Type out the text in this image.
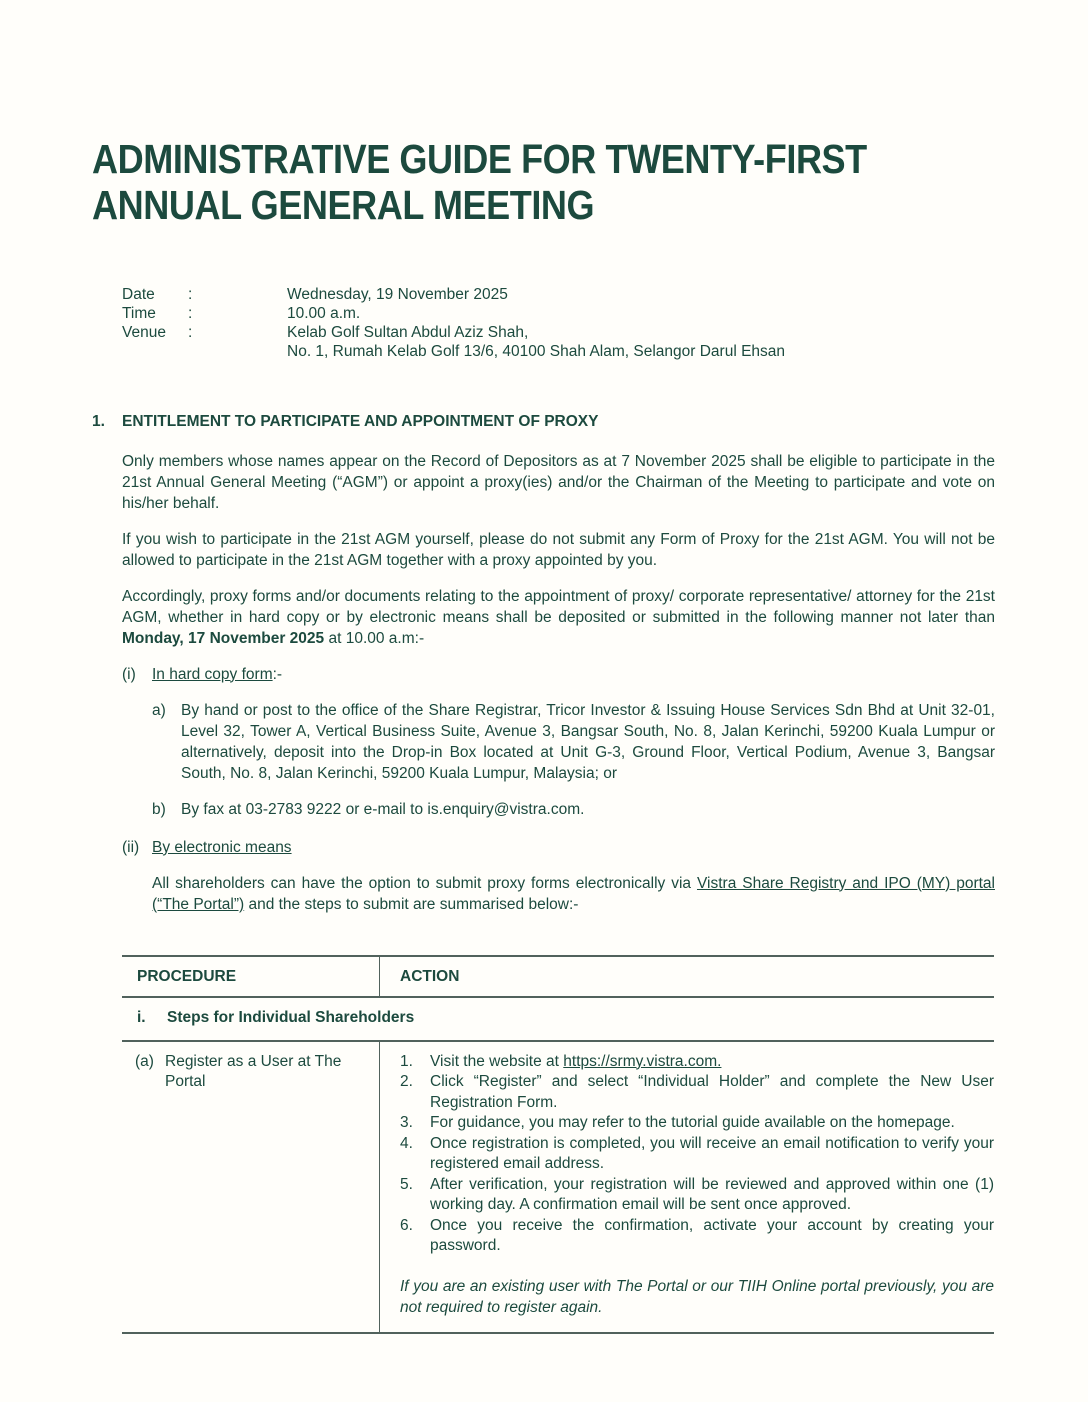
ADMINISTRATIVE GUIDE FOR TWENTY-FIRST
ANNUAL GENERAL MEETING
Date	:	Wednesday, 19 November 2025
Time	:	10.00 a.m.
Venue	:	Kelab Golf Sultan Abdul Aziz Shah,
No. 1, Rumah Kelab Golf 13/6, 40100 Shah Alam, Selangor Darul Ehsan
1.	ENTITLEMENT TO PARTICIPATE AND APPOINTMENT OF PROXY

Only members whose names appear on the Record of Depositors as at 7 November 2025 shall be eligible to participate in the 21st Annual General Meeting (“AGM”) or appoint a proxy(ies) and/or the Chairman of the Meeting to participate and vote on his/her behalf.

If you wish to participate in the 21st AGM yourself, please do not submit any Form of Proxy for the 21st AGM. You will not be allowed to participate in the 21st AGM together with a proxy appointed by you.

Accordingly, proxy forms and/or documents relating to the appointment of proxy/ corporate representative/ attorney for the 21st AGM, whether in hard copy or by electronic means shall be deposited or submitted in the following manner not later than Monday, 17 November 2025 at 10.00 a.m:-

(i)	In hard copy form:-
a) By hand or post to the office of the Share Registrar, Tricor Investor & Issuing House Services Sdn Bhd at Unit 32-01, Level 32, Tower A, Vertical Business Suite, Avenue 3, Bangsar South, No. 8, Jalan Kerinchi, 59200 Kuala Lumpur or alternatively, deposit into the Drop-in Box located at Unit G-3, Ground Floor, Vertical Podium, Avenue 3, Bangsar South, No. 8, Jalan Kerinchi, 59200 Kuala Lumpur, Malaysia; or
b) By fax at 03-2783 9222 or e-mail to is.enquiry@vistra.com.
(ii) By electronic means
All shareholders can have the option to submit proxy forms electronically via Vistra Share Registry and IPO (MY) portal (“The Portal”) and the steps to submit are summarised below:-
PROCEDURE	ACTION
i.	Steps for Individual Shareholders
(a) Register as a User at The Portal
1.	Visit the website at https://srmy.vistra.com.
2.	Click “Register” and select “Individual Holder” and complete the New User Registration Form.
3.	For guidance, you may refer to the tutorial guide available on the homepage.
4.	Once registration is completed, you will receive an email notification to verify your registered email address.
5.	After verification, your registration will be reviewed and approved within one (1) working day. A confirmation email will be sent once approved.
6.	Once you receive the confirmation, activate your account by creating your password.
If you are an existing user with The Portal or our TIIH Online portal previously, you are not required to register again.
